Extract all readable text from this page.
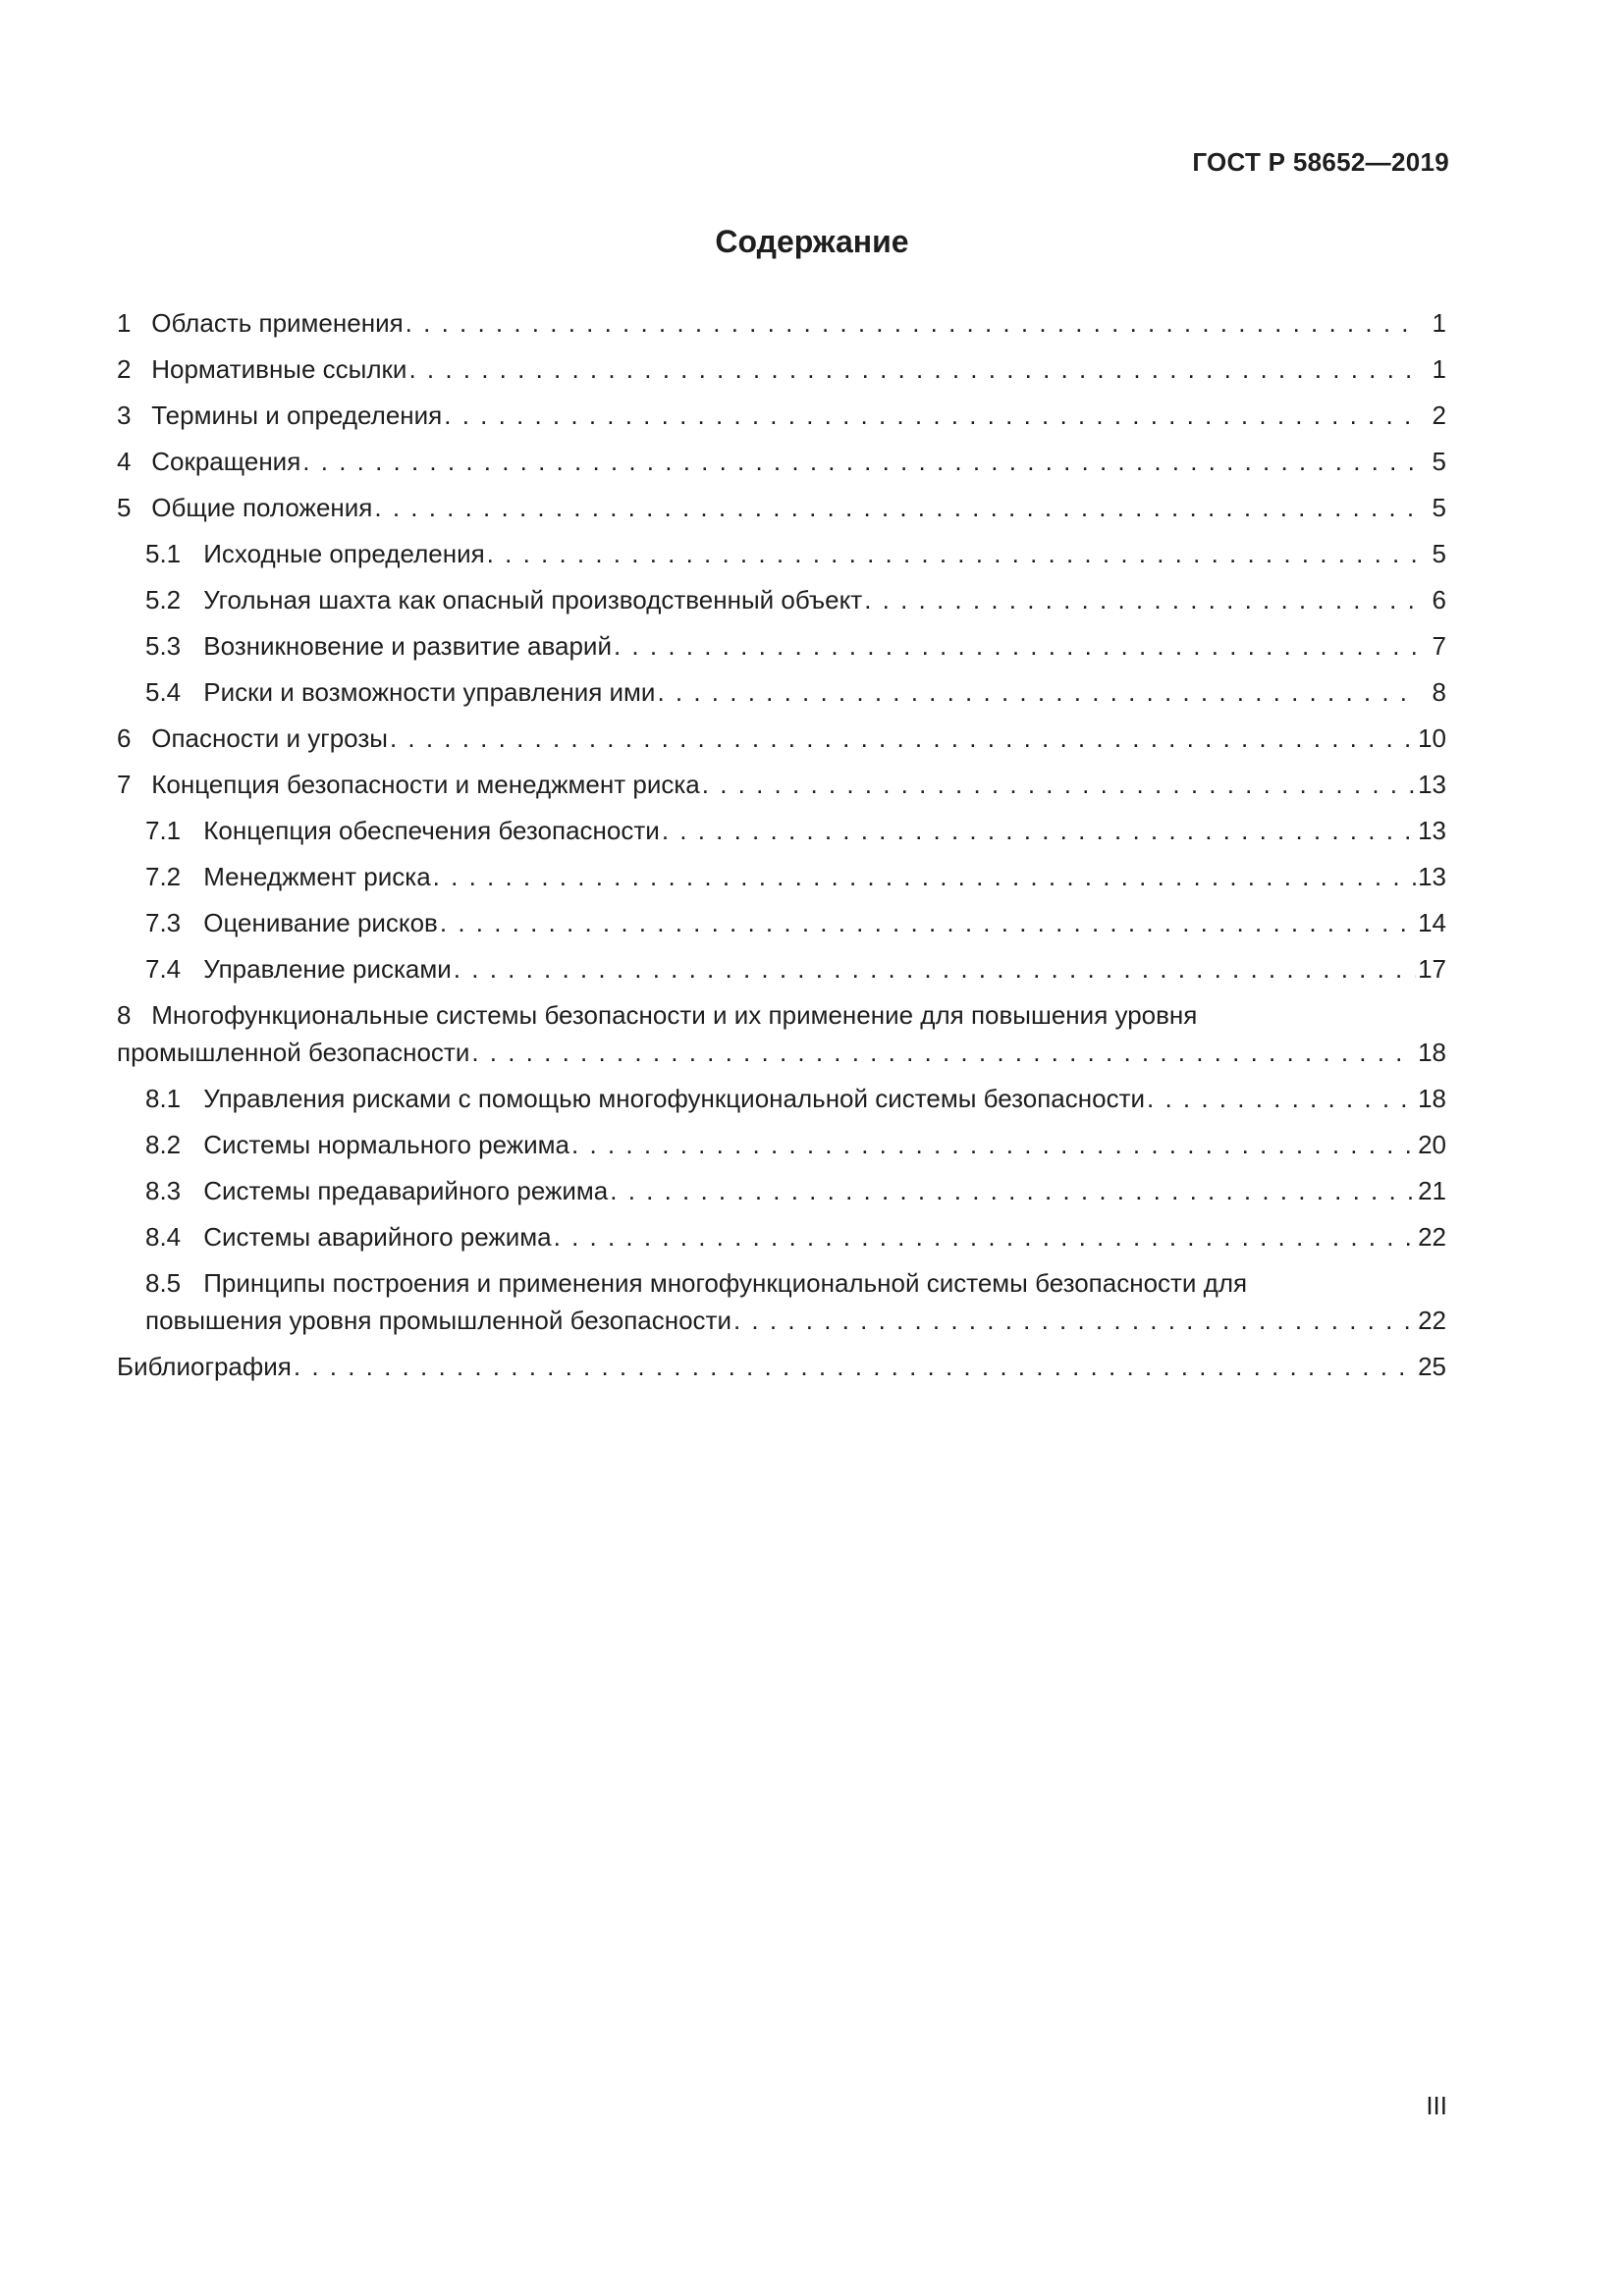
ГОСТ Р 58652—2019
Содержание
1 Область применения . . .	1
2 Нормативные ссылки . . .	1
3 Термины и определения . . .	2
4 Сокращения . . .	5
5 Общие положения . . .	5
5.1 Исходные определения . . .	5
5.2 Угольная шахта как опасный производственный объект . . .	6
5.3 Возникновение и развитие аварий . . .	7
5.4 Риски и возможности управления ими . . .	8
6 Опасности и угрозы . . .	10
7 Концепция безопасности и менеджмент риска . . .	13
7.1 Концепция обеспечения безопасности . . .	13
7.2 Менеджмент риска . . .	13
7.3 Оценивание рисков . . .	14
7.4 Управление рисками . . .	17
8 Многофункциональные системы безопасности и их применение для повышения уровня
промышленной безопасности . . .	18
8.1 Управления рисками с помощью многофункциональной системы безопасности . . .	18
8.2 Системы нормального режима . . .	20
8.3 Системы предаварийного режима . . .	21
8.4 Системы аварийного режима . . .	22
8.5 Принципы построения и применения многофункциональной системы безопасности для
повышения уровня промышленной безопасности . . .	22
Библиография . . .	25
III
